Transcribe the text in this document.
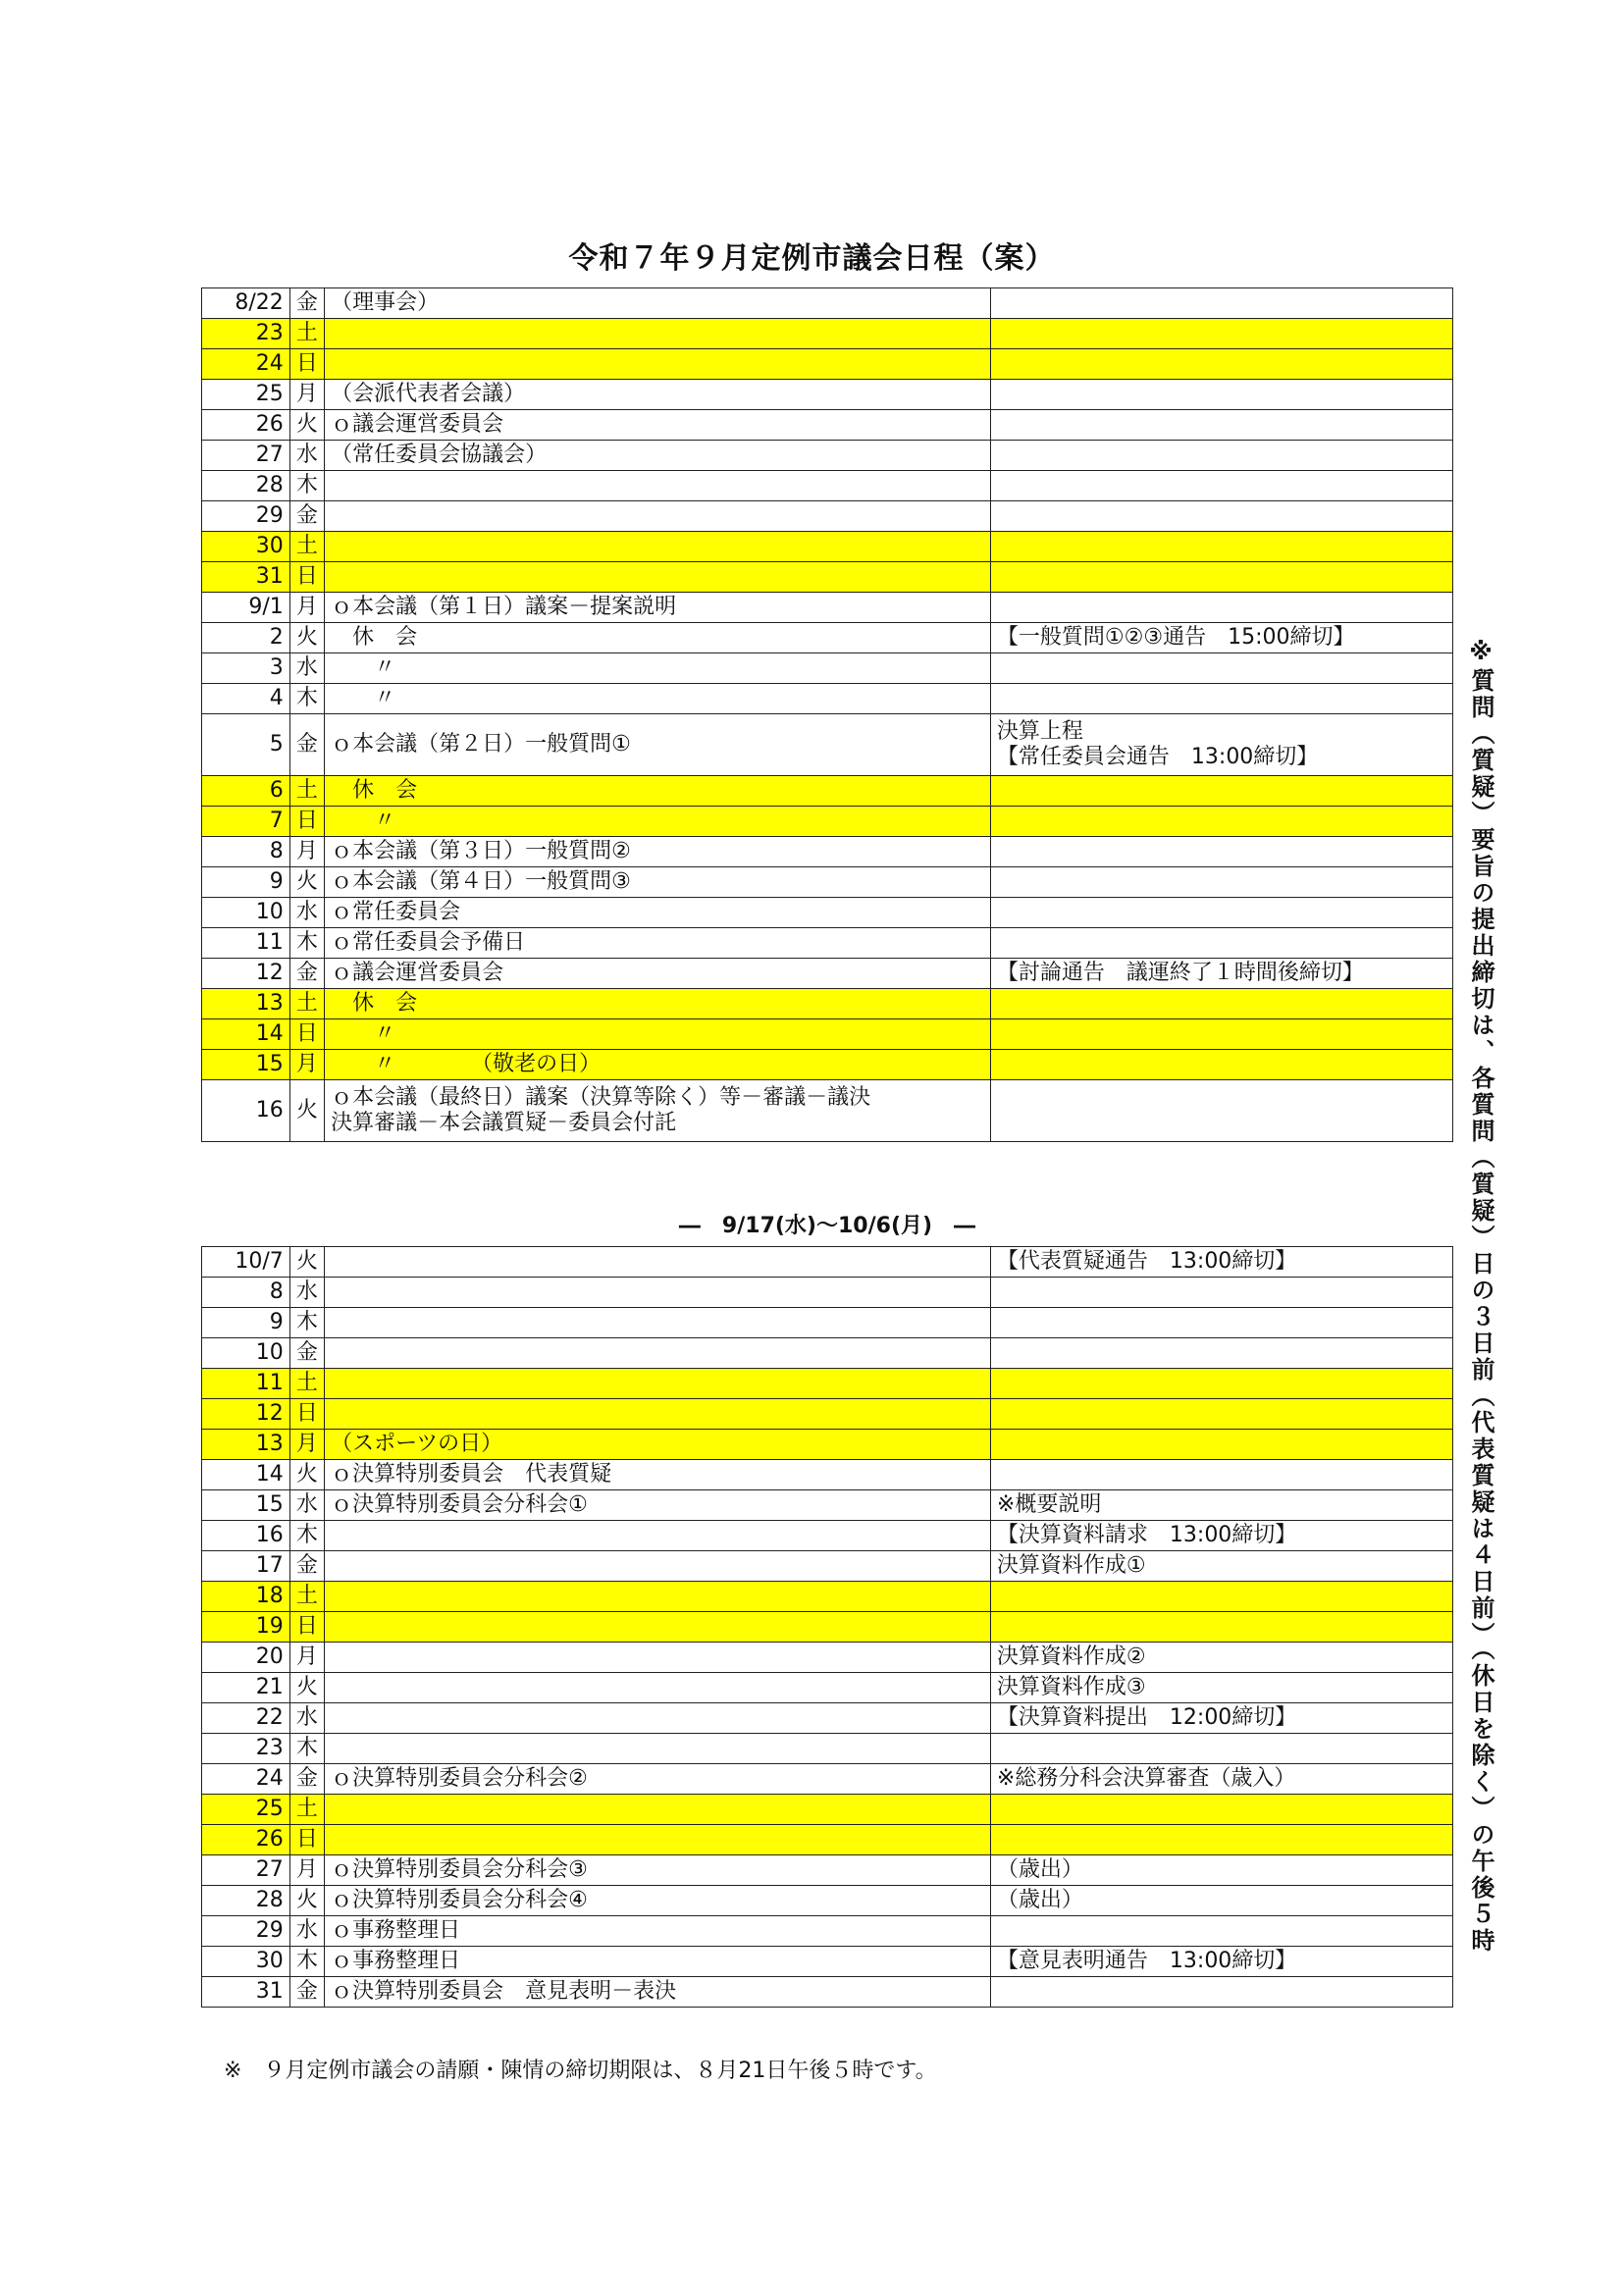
令和７年９月定例市議会日程（案）
8/22	金	（理事会）	

23	土	

24	日	

25	月	（会派代表者会議）	

26	火	ｏ議会運営委員会	

27	水	（常任委員会協議会）	

28	木	

29	金	

30	土	

31	日	

9/1	月	ｏ本会議（第１日）議案－提案説明	

2	火	　休　会	【一般質問①②③通告　15:00締切】

3	水	　　〃	

4	木	　　〃	

5	金	ｏ本会議（第２日）一般質問①	決算上程
【常任委員会通告　13:00締切】

6	土	　休　会	

7	日	　　〃	

8	月	ｏ本会議（第３日）一般質問②	

9	火	ｏ本会議（第４日）一般質問③	

10	水	ｏ常任委員会	

11	木	ｏ常任委員会予備日	

12	金	ｏ議会運営委員会	【討論通告　議運終了１時間後締切】

13	土	　休　会	

14	日	　　〃	

15	月	　　〃　　　　（敬老の日）	

16	火	ｏ本会議（最終日）議案（決算等除く）等－審議－議決
決算審議－本会議質疑－委員会付託	

―　9/17(水)～10/6(月)　―
10/7	火		【代表質疑通告　13:00締切】

8	水	

9	木	

10	金	

11	土	

12	日	

13	月	（スポーツの日）	

14	火	ｏ決算特別委員会　代表質疑	

15	水	ｏ決算特別委員会分科会①	※概要説明

16	木		【決算資料請求　13:00締切】

17	金		決算資料作成①

18	土	

19	日	

20	月		決算資料作成②

21	火		決算資料作成③

22	水		【決算資料提出　12:00締切】

23	木	

24	金	ｏ決算特別委員会分科会②	※総務分科会決算審査（歳入）

25	土	

26	日	

27	月	ｏ決算特別委員会分科会③	（歳出）

28	火	ｏ決算特別委員会分科会④	（歳出）

29	水	ｏ事務整理日	

30	木	ｏ事務整理日	【意見表明通告　13:00締切】

31	金	ｏ決算特別委員会　意見表明－表決	

※質問（質疑）要旨の提出締切は、各質問（質疑）日の３日前（代表質疑は４日前）（休日を除く）の午後５時
※　９月定例市議会の請願・陳情の締切期限は、８月21日午後５時です。
